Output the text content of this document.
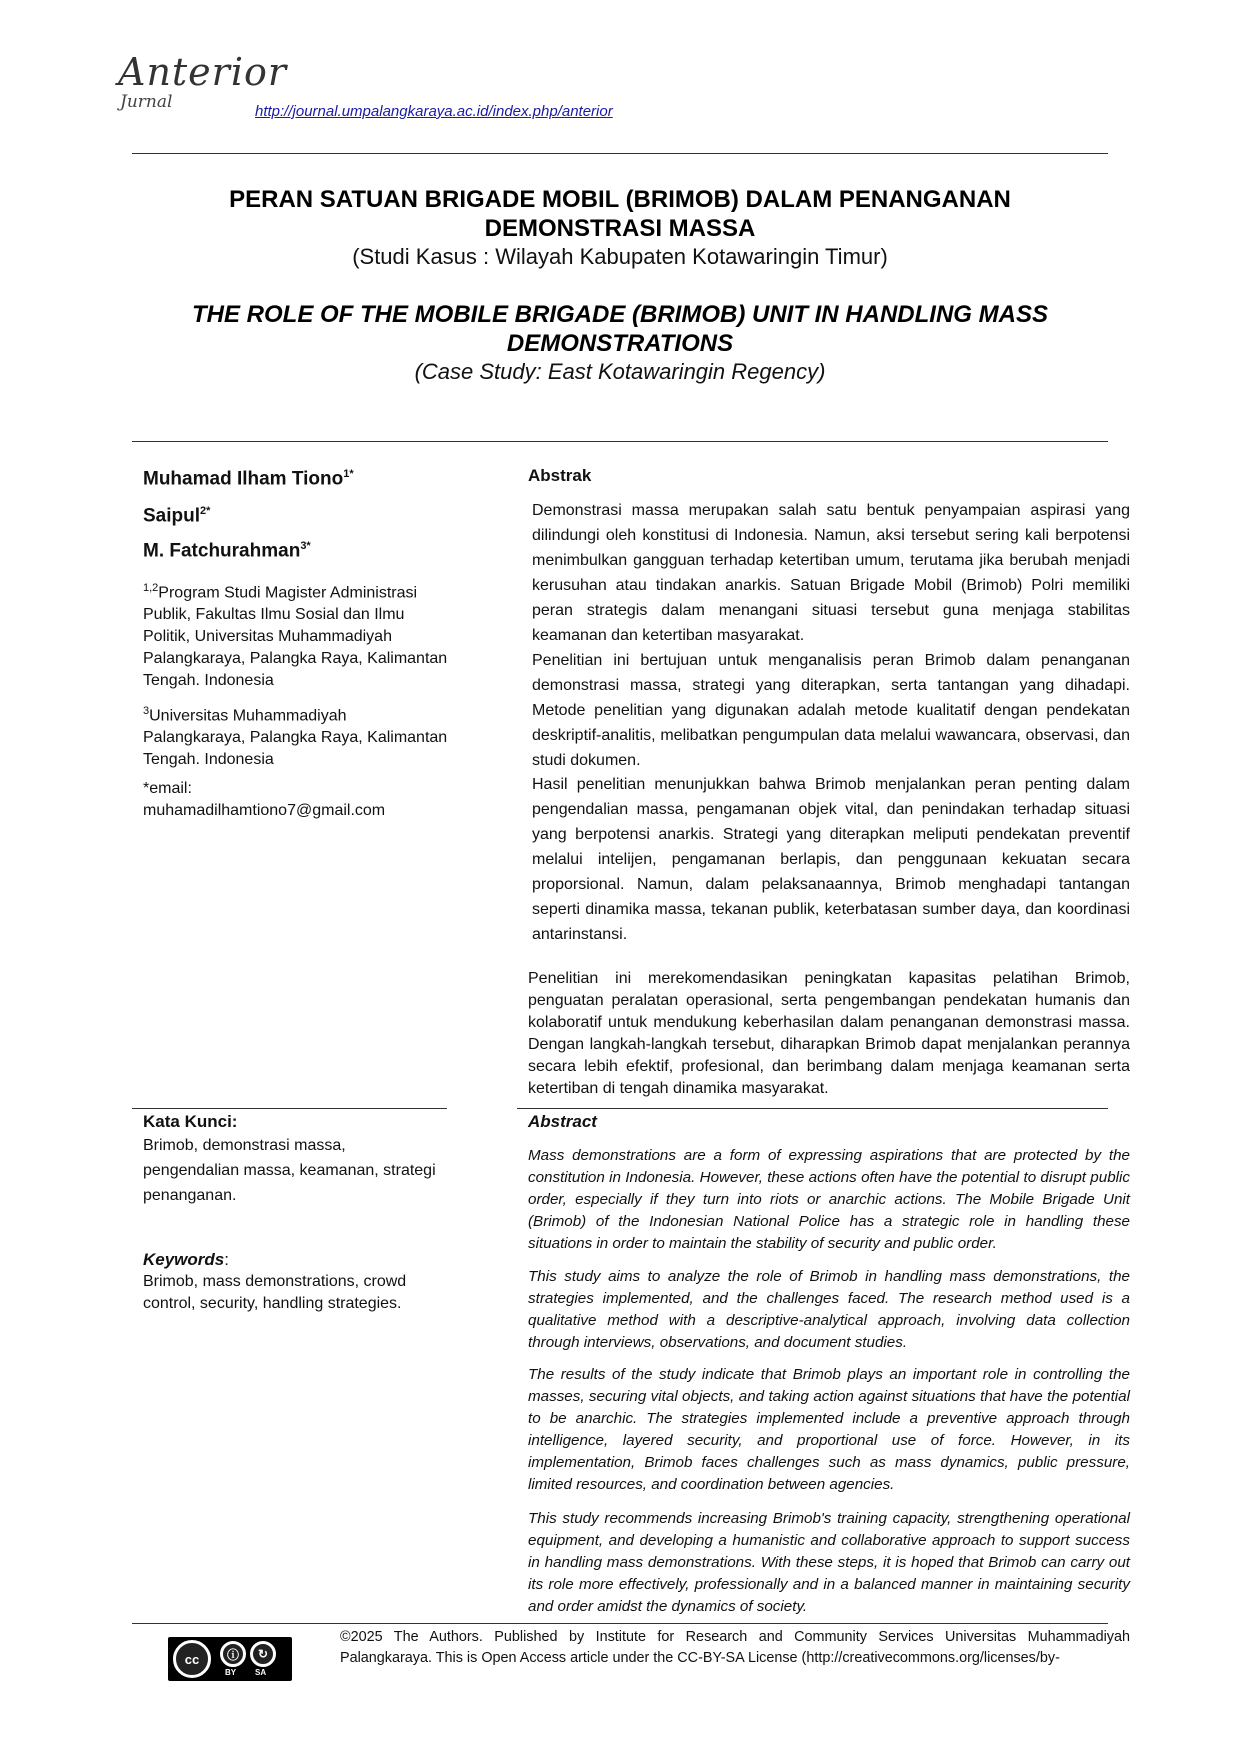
Anterior
Jurnal	http://journal.umpalangkaraya.ac.id/index.php/anterior
PERAN SATUAN BRIGADE MOBIL (BRIMOB) DALAM PENANGANAN
DEMONSTRASI MASSA
(Studi Kasus : Wilayah Kabupaten Kotawaringin Timur)
THE ROLE OF THE MOBILE BRIGADE (BRIMOB) UNIT IN HANDLING MASS
DEMONSTRATIONS
(Case Study: East Kotawaringin Regency)
Muhamad Ilham Tiono$^{1*}$
Saipul$^{2*}$
M. Fatchurahman$^{3*}$
$^{1,2}$Program Studi Magister Administrasi Publik, Fakultas Ilmu Sosial dan Ilmu Politik, Universitas Muhammadiyah Palangkaraya, Palangka Raya, Kalimantan Tengah. Indonesia
$^3$Universitas Muhammadiyah Palangkaraya, Palangka Raya, Kalimantan Tengah. Indonesia
*email:
muhamadilhamtiono7@gmail.com
Abstrak

Demonstrasi massa merupakan salah satu bentuk penyampaian aspirasi yang dilindungi oleh konstitusi di Indonesia. Namun, aksi tersebut sering kali berpotensi menimbulkan gangguan terhadap ketertiban umum, terutama jika berubah menjadi kerusuhan atau tindakan anarkis. Satuan Brigade Mobil (Brimob) Polri memiliki peran strategis dalam menangani situasi tersebut guna menjaga stabilitas keamanan dan ketertiban masyarakat.

Penelitian ini bertujuan untuk menganalisis peran Brimob dalam penanganan demonstrasi massa, strategi yang diterapkan, serta tantangan yang dihadapi. Metode penelitian yang digunakan adalah metode kualitatif dengan pendekatan deskriptif-analitis, melibatkan pengumpulan data melalui wawancara, observasi, dan studi dokumen.

Hasil penelitian menunjukkan bahwa Brimob menjalankan peran penting dalam pengendalian massa, pengamanan objek vital, dan penindakan terhadap situasi yang berpotensi anarkis. Strategi yang diterapkan meliputi pendekatan preventif melalui intelijen, pengamanan berlapis, dan penggunaan kekuatan secara proporsional. Namun, dalam pelaksanaannya, Brimob menghadapi tantangan seperti dinamika massa, tekanan publik, keterbatasan sumber daya, dan koordinasi antarinstansi.

Penelitian ini merekomendasikan peningkatan kapasitas pelatihan Brimob, penguatan peralatan operasional, serta pengembangan pendekatan humanis dan kolaboratif untuk mendukung keberhasilan dalam penanganan demonstrasi massa. Dengan langkah-langkah tersebut, diharapkan Brimob dapat menjalankan perannya secara lebih efektif, profesional, dan berimbang dalam menjaga keamanan serta ketertiban di tengah dinamika masyarakat.

Kata Kunci:
Brimob, demonstrasi massa, pengendalian massa, keamanan, strategi penanganan.
Keywords:
Brimob, mass demonstrations, crowd control, security, handling strategies.
Abstract

Mass demonstrations are a form of expressing aspirations that are protected by the constitution in Indonesia. However, these actions often have the potential to disrupt public order, especially if they turn into riots or anarchic actions. The Mobile Brigade Unit (Brimob) of the Indonesian National Police has a strategic role in handling these situations in order to maintain the stability of security and public order.

This study aims to analyze the role of Brimob in handling mass demonstrations, the strategies implemented, and the challenges faced. The research method used is a qualitative method with a descriptive-analytical approach, involving data collection through interviews, observations, and document studies.

The results of the study indicate that Brimob plays an important role in controlling the masses, securing vital objects, and taking action against situations that have the potential to be anarchic. The strategies implemented include a preventive approach through intelligence, layered security, and proportional use of force. However, in its implementation, Brimob faces challenges such as mass dynamics, public pressure, limited resources, and coordination between agencies.

This study recommends increasing Brimob's training capacity, strengthening operational equipment, and developing a humanistic and collaborative approach to support success in handling mass demonstrations. With these steps, it is hoped that Brimob can carry out its role more effectively, professionally and in a balanced manner in maintaining security and order amidst the dynamics of society.

cc	ⓘ	↻
BY SA
©2025 The Authors. Published by Institute for Research and Community Services Universitas Muhammadiyah Palangkaraya. This is Open Access article under the CC-BY-SA License (http://creativecommons.org/licenses/by-
